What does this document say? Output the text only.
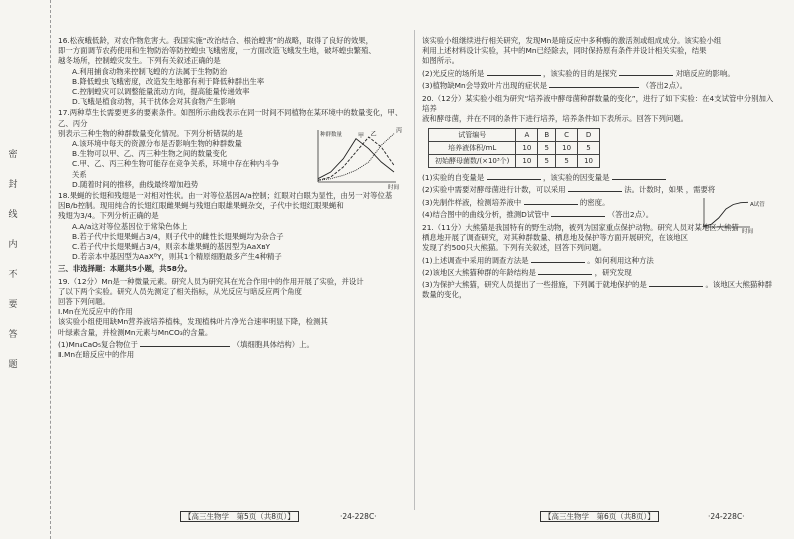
密
封
线
内
不
要
答
题
16.松夜蛾低龄，对农作物危害大。我国实施“改治结合、根治蝗害”的战略，取得了良好的效果，
即一方面调节农药使用和生物防治等防控蝗虫飞蛾密度，一方面改造飞蛾发生地，破坏蝗虫繁殖、
越冬场所，控制蝗灾发生。下列有关叙述正确的是
A.利用捕食动物来控制飞蝗的方法属于生物防治
B.降低蝗虫飞蛾密度，改造发生地都有利于降低种群出生率
C.控制蝗灾可以调整能量流动方向，提高能量传递效率
D.飞蛾是植食动物，其干扰体会对其食物产生影响
17.两种草生长需要更多的要素条件。如图所示曲线表示在同一时间不同植物在某环境中的数量变化，甲、乙、丙分
别表示三种生物的种群数量变化情况。下列分析错误的是
A.该环境中每天的资源分布是否影响生物的种群数量
B.生物可以甲、乙、丙三种生物之间的数量变化
C.甲、乙、丙三种生物可能存在竞争关系，环境中存在种内斗争
关系
D.随着时间的推移，曲线最终增加趋势
甲 乙	丙
时间
种群数量
18.果蝇的长翅和残翅是一对相对性状。由一对等位基因A/a控制；红眼对白眼为显性，由另一对等位基
因B/b控制。现用纯合的长翅红眼雌果蝇与残翅白眼雄果蝇杂交，子代中长翅红眼果蝇和
残翅为3/4。下列分析正确的是
A.A/a这对等位基因位于常染色体上
B.若子代中长翅果蝇占3/4，则子代中的雌性长翅果蝇均为杂合子
C.若子代中长翅果蝇占3/4，则亲本雄果蝇的基因型为AaXʙY
D.若亲本中基因型为AaXᴮY，则其1个精原细胞最多产生4种精子
三、非选择题：本题共5小题，共58分。
19.（12分）Mn是一种微量元素。研究人员为研究其在光合作用中的作用开展了实验，并设计
了以下两个实验。研究人员先测定了相关指标，从光反应与暗反应两个角度
回答下列问题。
Ⅰ.Mn在光反应中的作用
该实验小组使用缺Mn营养液培养植株，发现植株叶片净光合速率明显下降，检测其
叶绿素含量，并检测Mn元素与MnCO₃的含量。
(1)Mn₄CaO₅复合物位于	（填细胞具体结构）上。
Ⅱ.Mn在暗反应中的作用
【高三生物学　第5页（共8页）】	·24-228C·
该实验小组继续进行相关研究，发现Mn是暗反应中多种酶的激活剂或组成成分。该实验小组
利用上述材料设计实验，其中的Mn已经除去，同时保持原有条件并设计相关实验，结果
如图所示。
(2)光反应的场所是	，该实验的目的是探究	对暗反应的影响。
(3)植物缺Mn会导致叶片出现的症状是	（答出2点）。
20.（12分）某实验小组为研究“培养液中酵母菌种群数量的变化”，进行了如下实验：在4支试管中分别加入培养
液和酵母菌，并在不同的条件下进行培养，培养条件如下表所示。回答下列问题。
试管编号	A	B	C	D
培养液体积/mL	10	5	10	5
初始酵母菌数/(×10³个)	10	5	5	10
(1)实验的自变量是	，该实验的因变量是
(2)实验中需要对酵母菌进行计数，可以采用	法。计数时，如果 ，需要将
(3)先制作样液，检测培养液中	的密度。
(4)结合图中的曲线分析，推测D试管中	（答出2点）。
时间
A试管
21.（11分）大熊猫是我国特有的野生动物，被列为国家重点保护动物。研究人员对某地区大熊猫
栖息地开展了调查研究，对其种群数量、栖息地及保护等方面开展研究，在该地区
发现了约500只大熊猫。下列有关叙述，回答下列问题。
(1)上述调查中采用的调查方法是	。如何利用这种方法
(2)该地区大熊猫种群的年龄结构是	，研究发现
(3)为保护大熊猫，研究人员提出了一些措施，下列属于就地保护的是	。该地区大熊猫种群数量的变化，
【高三生物学　第6页（共8页）】	·24-228C·
